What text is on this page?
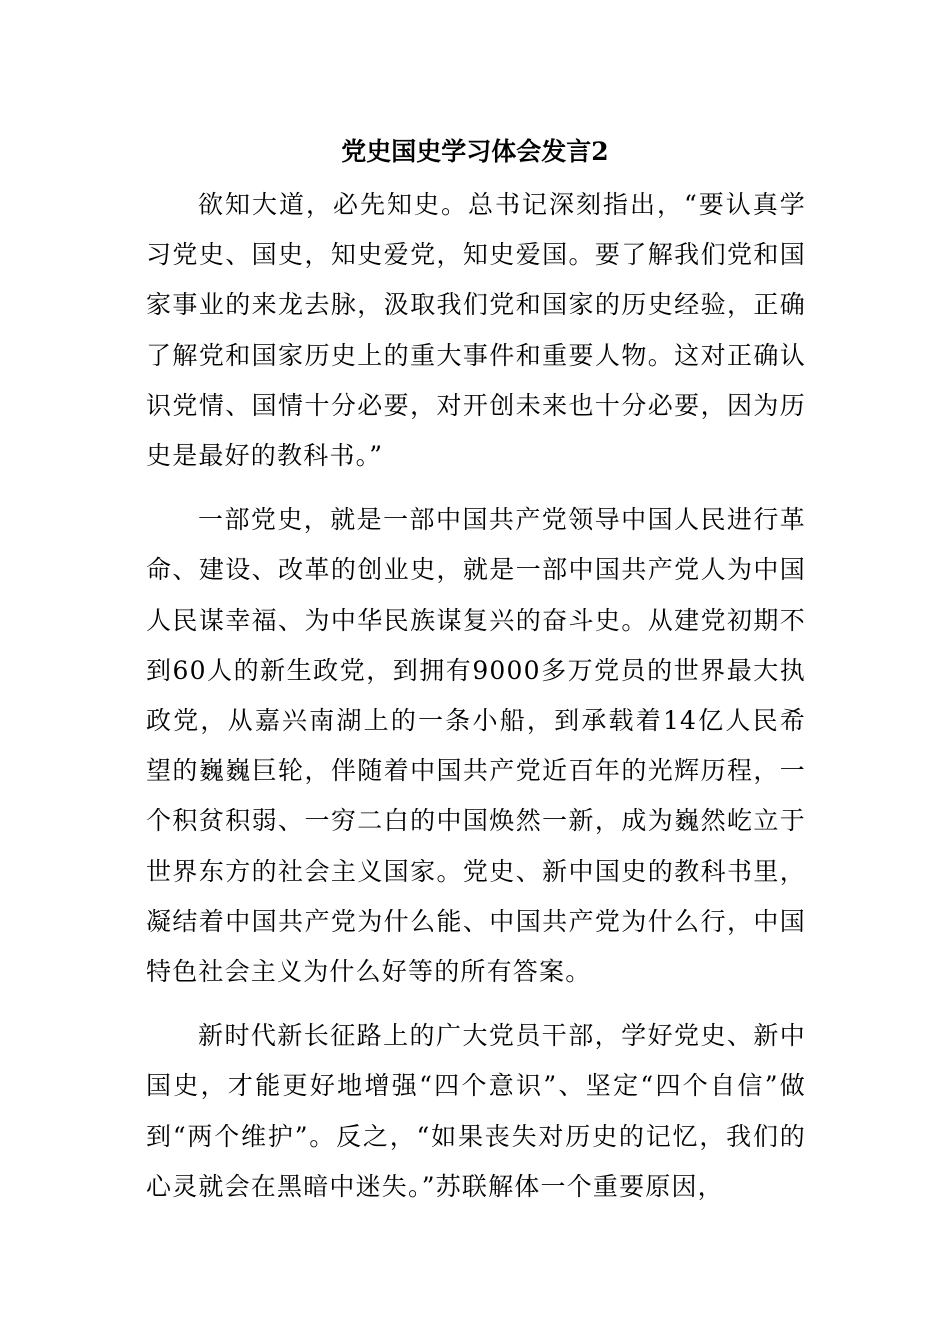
党史国史学习体会发言2

欲知大道，必先知史。总书记深刻指出，“要认真学习党史、国史，知史爱党，知史爱国。要了解我们党和国家事业的来龙去脉，汲取我们党和国家的历史经验，正确了解党和国家历史上的重大事件和重要人物。这对正确认识党情、国情十分必要，对开创未来也十分必要，因为历史是最好的教科书。”

一部党史，就是一部中国共产党领导中国人民进行革命、建设、改革的创业史，就是一部中国共产党人为中国人民谋幸福、为中华民族谋复兴的奋斗史。从建党初期不到60人的新生政党，到拥有9000多万党员的世界最大执政党，从嘉兴南湖上的一条小船，到承载着14亿人民希望的巍巍巨轮，伴随着中国共产党近百年的光辉历程，一个积贫积弱、一穷二白的中国焕然一新，成为巍然屹立于世界东方的社会主义国家。党史、新中国史的教科书里，凝结着中国共产党为什么能、中国共产党为什么行，中国特色社会主义为什么好等的所有答案。

新时代新长征路上的广大党员干部，学好党史、新中国史，才能更好地增强“四个意识”、坚定“四个自信”做到“两个维护”。反之，“如果丧失对历史的记忆，我们的心灵就会在黑暗中迷失。”苏联解体一个重要原因，
